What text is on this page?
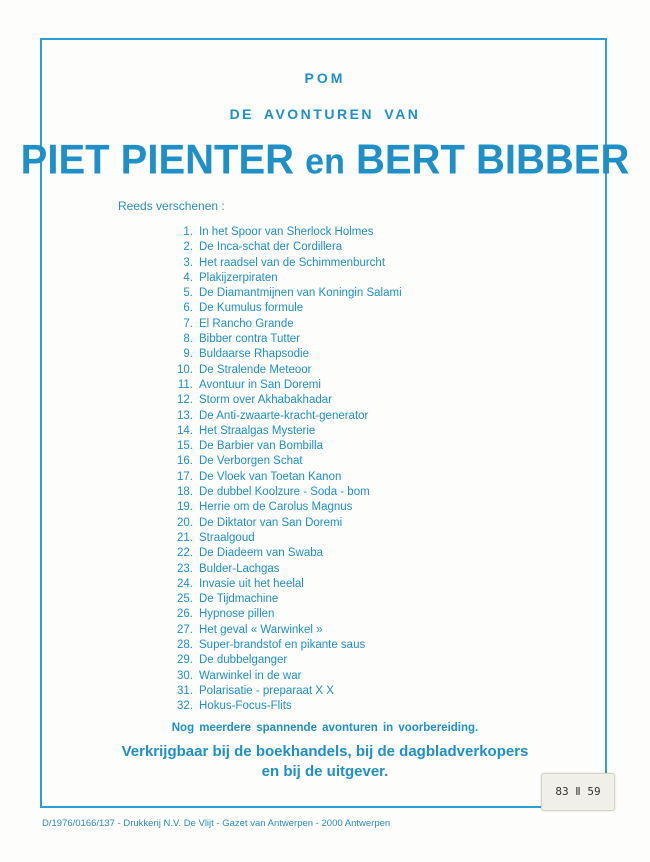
POM
DE AVONTUREN VAN
PIET PIENTER en BERT BIBBER
Reeds verschenen :
1. In het Spoor van Sherlock Holmes
2. De Inca-schat der Cordillera
3. Het raadsel van de Schimmenburcht
4. Plakijzerpiraten
5. De Diamantmijnen van Koningin Salami
6. De Kumulus formule
7. El Rancho Grande
8. Bibber contra Tutter
9. Buldaarse Rhapsodie
10. De Stralende Meteoor
11. Avontuur in San Doremi
12. Storm over Akhabakhadar
13. De Anti-zwaarte-kracht-generator
14. Het Straalgas Mysterie
15. De Barbier van Bombilla
16. De Verborgen Schat
17. De Vloek van Toetan Kanon
18. De dubbel Koolzure - Soda - bom
19. Herrie om de Carolus Magnus
20. De Diktator van San Doremi
21. Straalgoud
22. De Diadeem van Swaba
23. Bulder-Lachgas
24. Invasie uit het heelal
25. De Tijdmachine
26. Hypnose pillen
27. Het geval « Warwinkel »
28. Super-brandstof en pikante saus
29. De dubbelganger
30. Warwinkel in de war
31. Polarisatie - preparaat X X
32. Hokus-Focus-Flits
Nog meerdere spannende avonturen in voorbereiding.
Verkrijgbaar bij de boekhandels, bij de dagbladverkopers
en bij de uitgever.
83 Ⅱ 59
D/1976/0166/137 - Drukkerij N.V. De Vlijt - Gazet van Antwerpen - 2000 Antwerpen
